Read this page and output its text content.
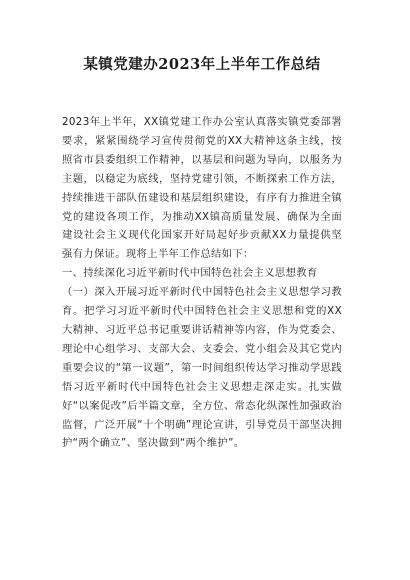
某镇党建办2023年上半年工作总结

2023年上半年，XX镇党建工作办公室认真落实镇党委部署要求，紧紧围绕学习宣传贯彻党的XX大精神这条主线，按照省市县委组织工作精神，以基层和问题为导向，以服务为主题，以稳定为底线，坚持党建引领，不断探索工作方法，持续推进干部队伍建设和基层组织建设，有序有力推进全镇党的建设各项工作，为推动XX镇高质量发展、确保为全面建设社会主义现代化国家开好局起好步贡献XX力量提供坚强有力保证。现将上半年工作总结如下：

一、持续深化习近平新时代中国特色社会主义思想教育

（一）深入开展习近平新时代中国特色社会主义思想学习教育。把学习习近平新时代中国特色社会主义思想和党的XX大精神、习近平总书记重要讲话精神等内容，作为党委会、理论中心组学习、支部大会、支委会、党小组会及其它党内重要会议的“第一议题”，第一时间组织传达学习推动学思践悟习近平新时代中国特色社会主义思想走深走实。扎实做好“以案促改”后半篇文章，全方位、常态化纵深性加强政治监督，广泛开展“十个明确”理论宣讲，引导党员干部坚决拥护“两个确立”、坚决做到“两个维护”。
